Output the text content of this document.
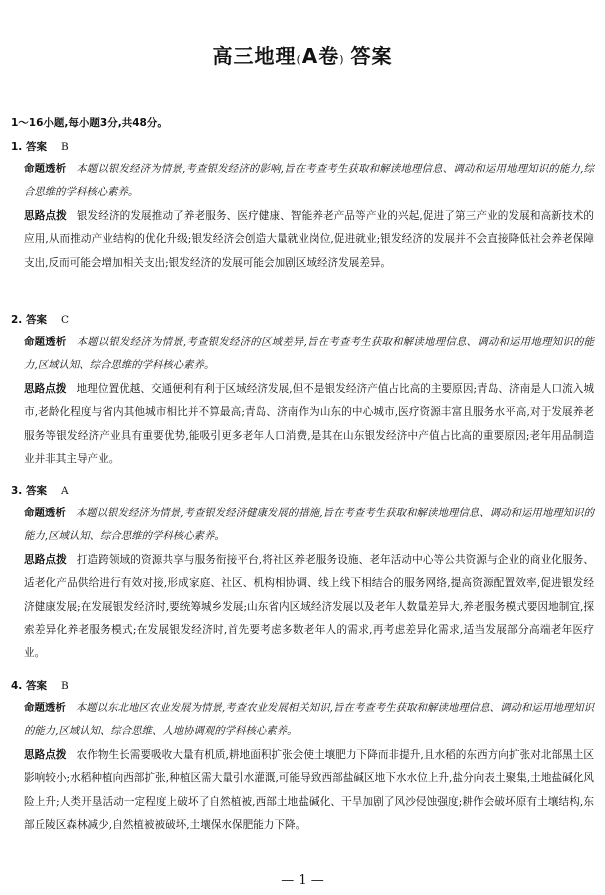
高三地理(A卷) 答案
1～16小题,每小题3分,共48分。
1. 答案 B
命题透析 本题以银发经济为情景,考查银发经济的影响,旨在考查考生获取和解读地理信息、调动和运用地理知识的能力,综合思维的学科核心素养。
思路点拨 银发经济的发展推动了养老服务、医疗健康、智能养老产品等产业的兴起,促进了第三产业的发展和高新技术的应用,从而推动产业结构的优化升级;银发经济会创造大量就业岗位,促进就业;银发经济的发展并不会直接降低社会养老保障支出,反而可能会增加相关支出;银发经济的发展可能会加剧区域经济发展差异。
2. 答案 C
命题透析 本题以银发经济为情景,考查银发经济的区域差异,旨在考查考生获取和解读地理信息、调动和运用地理知识的能力,区域认知、综合思维的学科核心素养。
思路点拨 地理位置优越、交通便利有利于区域经济发展,但不是银发经济产值占比高的主要原因;青岛、济南是人口流入城市,老龄化程度与省内其他城市相比并不算最高;青岛、济南作为山东的中心城市,医疗资源丰富且服务水平高,对于发展养老服务等银发经济产业具有重要优势,能吸引更多老年人口消费,是其在山东银发经济中产值占比高的重要原因;老年用品制造业并非其主导产业。
3. 答案 A
命题透析 本题以银发经济为情景,考查银发经济健康发展的措施,旨在考查考生获取和解读地理信息、调动和运用地理知识的能力,区域认知、综合思维的学科核心素养。
思路点拨 打造跨领域的资源共享与服务衔接平台,将社区养老服务设施、老年活动中心等公共资源与企业的商业化服务、适老化产品供给进行有效对接,形成家庭、社区、机构相协调、线上线下相结合的服务网络,提高资源配置效率,促进银发经济健康发展;在发展银发经济时,要统筹城乡发展;山东省内区域经济发展以及老年人数量差异大,养老服务模式要因地制宜,探索差异化养老服务模式;在发展银发经济时,首先要考虑多数老年人的需求,再考虑差异化需求,适当发展部分高端老年医疗业。
4. 答案 B
命题透析 本题以东北地区农业发展为情景,考查农业发展相关知识,旨在考查考生获取和解读地理信息、调动和运用地理知识的能力,区域认知、综合思维、人地协调观的学科核心素养。
思路点拨 农作物生长需要吸收大量有机质,耕地面积扩张会使土壤肥力下降而非提升,且水稻的东西方向扩张对北部黑土区影响较小;水稻种植向西部扩张,种植区需大量引水灌溉,可能导致西部盐碱区地下水水位上升,盐分向表土聚集,土地盐碱化风险上升;人类开垦活动一定程度上破坏了自然植被,西部土地盐碱化、干旱加剧了风沙侵蚀强度;耕作会破坏原有土壤结构,东部丘陵区森林减少,自然植被被破坏,土壤保水保肥能力下降。
— 1 —
